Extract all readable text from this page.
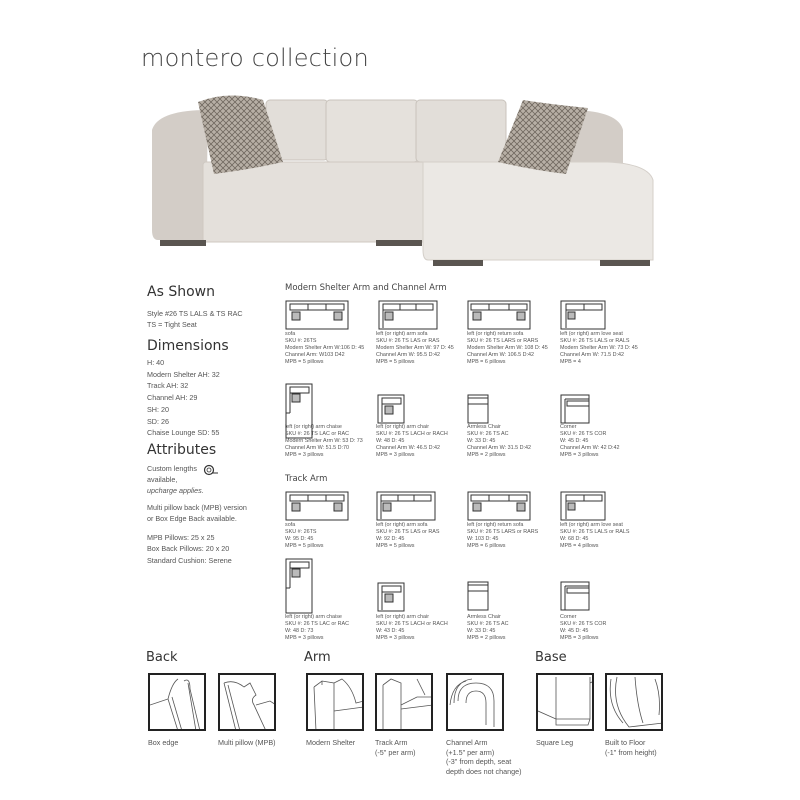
montero collection
As Shown
Style #26 TS LALS & TS RAC
TS = Tight Seat
Dimensions
H: 40
Modern Shelter AH: 32
Track AH: 32
Channel AH: 29
SH: 20
SD: 26
Chaise Lounge SD: 55
Attributes
Custom lengths
available,
upcharge applies.
Multi pillow back (MPB) version
or Box Edge Back available.
MPB Pillows: 25 x 25
Box Back Pillows: 20 x 20
Standard Cushion: Serene
Modern Shelter Arm and Channel Arm
sofa
SKU #: 26TS
Modern Shelter Arm W:106 D: 45
Channel Arm: W103 D42
MPB = 5 pillows
left (or right) arm sofa
SKU #: 26 TS LAS or RAS
Modern Shelter Arm W: 97 D: 45
Channel Arm W: 95.5 D:42
MPB = 5 pillows
left (or right) return sofa
SKU #: 26 TS LARS or RARS
Modern Shelter Arm W: 108 D: 45
Channel Arm W: 106.5 D:42
MPB = 6 pillows
left (or right) arm love seat
SKU #: 26 TS LALS or RALS
Modern Shelter Arm W: 73 D: 45
Channel Arm W: 71.5 D:42
MPB = 4
left (or right) arm chaise
SKU #: 26 TS LAC or RAC
Modern Shelter Arm W: 53 D: 73
Channel Arm W: 51.5 D:70
MPB = 3 pillows
left (or right) arm chair
SKU #: 26 TS LACH or RACH
W: 48 D: 45
Channel Arm W: 46.5 D:42
MPB = 3 pillows
Armless Chair
SKU #: 26 TS AC
W: 33 D: 45
Channel Arm W: 31.5 D:42
MPB = 2 pillows
Corner
SKU #: 26 TS COR
W: 45 D: 45
Channel Arm W: 42 D:42
MPB = 3 pillows
Track Arm
sofa
SKU #: 26TS
W: 95 D: 45
MPB = 5 pillows
left (or right) arm sofa
SKU #: 26 TS LAS or RAS
W: 92 D: 45
MPB = 5 pillows
left (or right) return sofa
SKU #: 26 TS LARS or RARS
W: 103 D: 45
MPB = 6 pillows
left (or right) arm love seat
SKU #: 26 TS LALS or RALS
W: 68 D: 45
MPB = 4 pillows
left (or right) arm chaise
SKU #: 26 TS LAC or RAC
W: 48 D: 73
MPB = 3 pillows
left (or right) arm chair
SKU #: 26 TS LACH or RACH
W: 43 D: 45
MPB = 3 pillows
Armless Chair
SKU #: 26 TS AC
W: 33 D: 45
MPB = 2 pillows
Corner
SKU #: 26 TS COR
W: 45 D: 45
MPB = 3 pillows
Back	Arm	Base
Box edge	Multi pillow (MPB)	Modern Shelter	Track Arm
(-5" per arm)
Channel Arm
(+1.5" per arm)
(-3" from depth, seat
depth does not change)
Square Leg	Built to Floor
(-1" from height)
